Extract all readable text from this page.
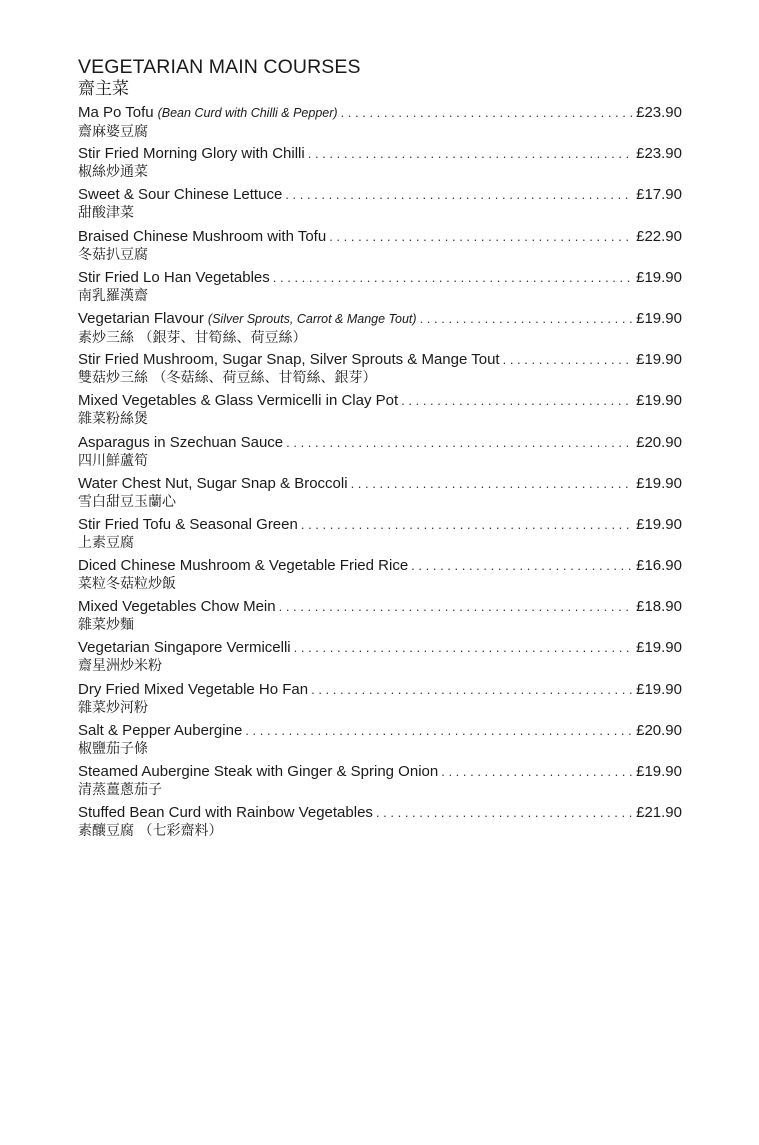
VEGETARIAN MAIN COURSES
齋主菜
Ma Po Tofu (Bean Curd with Chilli & Pepper) . . .	£23.90
齋麻婆豆腐
Stir Fried Morning Glory with Chilli . . .	£23.90
椒絲炒通菜
Sweet & Sour Chinese Lettuce . . .	£17.90
甜酸津菜
Braised Chinese Mushroom with Tofu . . .	£22.90
冬菇扒豆腐
Stir Fried Lo Han Vegetables . . .	£19.90
南乳羅漢齋
Vegetarian Flavour (Silver Sprouts, Carrot & Mange Tout) . . .	£19.90
素炒三絲 （銀芽、甘筍絲、荷豆絲）
Stir Fried Mushroom, Sugar Snap, Silver Sprouts & Mange Tout . . .	£19.90
雙菇炒三絲 （冬菇絲、荷豆絲、甘筍絲、銀芽）
Mixed Vegetables & Glass Vermicelli in Clay Pot . . .	£19.90
雜菜粉絲煲
Asparagus in Szechuan Sauce . . .	£20.90
四川鮮蘆筍
Water Chest Nut, Sugar Snap & Broccoli . . .	£19.90
雪白甜豆玉蘭心
Stir Fried Tofu & Seasonal Green . . .	£19.90
上素豆腐
Diced Chinese Mushroom & Vegetable Fried Rice . . .	£16.90
菜粒冬菇粒炒飯
Mixed Vegetables Chow Mein . . .	£18.90
雜菜炒麵
Vegetarian Singapore Vermicelli . . .	£19.90
齋星洲炒米粉
Dry Fried Mixed Vegetable Ho Fan . . .	£19.90
雜菜炒河粉
Salt & Pepper Aubergine . . .	£20.90
椒鹽茄子條
Steamed Aubergine Steak with Ginger & Spring Onion . . .	£19.90
清蒸薑蔥茄子
Stuffed Bean Curd with Rainbow Vegetables . . .	£21.90
素釀豆腐 （七彩齋料）
